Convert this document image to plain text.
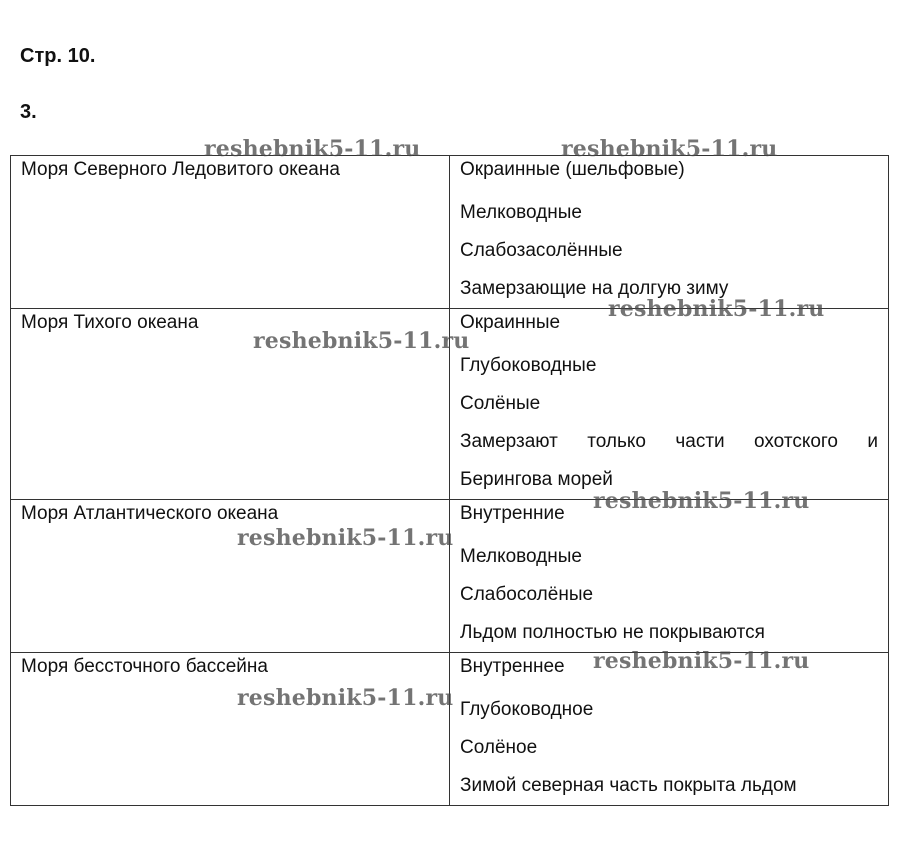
Стр. 10.
3.
Моря Северного Ледовитого океана	Окраинные (шельфовые)
Мелководные
Слабозасолённые
Замерзающие на долгую зиму

Моря Тихого океана	Окраинные
Глубоководные
Солёные
Замерзают только части охотского и
Берингова морей

Моря Атлантического океана	Внутренние
Мелководные
Слабосолёные
Льдом полностью не покрываются

Моря бессточного бассейна	Внутреннее
Глубоководное
Солёное
Зимой северная часть покрыта льдом
reshebnik5-11.ru	reshebnik5-11.ru
reshebnik5-11.ru
reshebnik5-11.ru
reshebnik5-11.ru
reshebnik5-11.ru
reshebnik5-11.ru
reshebnik5-11.ru
